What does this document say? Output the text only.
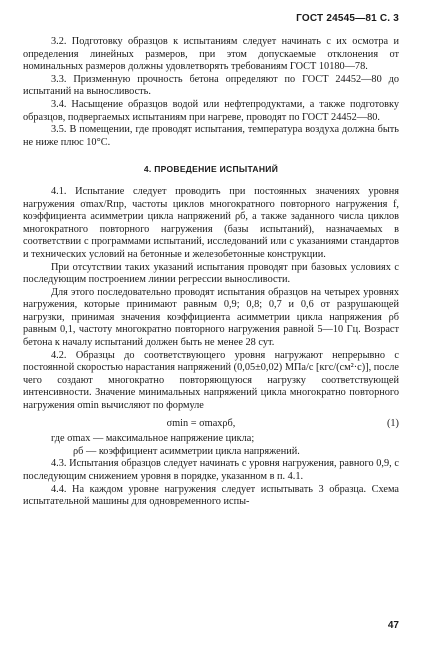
ГОСТ 24545—81 С. 3

3.2. Подготовку образцов к испытаниям следует начинать с их осмотра и определения линейных размеров, при этом допускаемые отклонения от номинальных размеров должны удовлетворять требованиям ГОСТ 10180—78.

3.3. Призменную прочность бетона определяют по ГОСТ 24452—80 до испытаний на выносливость.

3.4. Насыщение образцов водой или нефтепродуктами, а также подготовку образцов, подвергаемых испытаниям при нагреве, проводят по ГОСТ 24452—80.

3.5. В помещении, где проводят испытания, температура воздуха должна быть не ниже плюс 10°С.

4. ПРОВЕДЕНИЕ ИСПЫТАНИЙ

4.1. Испытание следует проводить при постоянных значениях уровня нагружения σmax/Rпр, частоты циклов многократного повторного нагружения f, коэффициента асимметрии цикла напряжений ρб, а также заданного числа циклов многократного повторного нагружения (базы испытаний), назначаемых в соответствии с программами испытаний, исследований или с указаниями стандартов и технических условий на бетонные и железобетонные конструкции.

При отсутствии таких указаний испытания проводят при базовых условиях с последующим построением линии регрессии выносливости.

Для этого последовательно проводят испытания образцов на четырех уровнях нагружения, которые принимают равным 0,9; 0,8; 0,7 и 0,6 от разрушающей нагрузки, принимая значения коэффициента асимметрии цикла напряжения ρб равным 0,1, частоту многократно повторного нагружения равной 5—10 Гц. Возраст бетона к началу испытаний должен быть не менее 28 сут.

4.2. Образцы до соответствующего уровня нагружают непрерывно с постоянной скоростью нарастания напряжений (0,05±0,02) МПа/с [кгс/(см²·с)], после чего создают многократно повторяющуюся нагрузку соответствующей интенсивности. Значение минимальных напряжений цикла многократно повторного нагружения σmin вычисляют по формуле

σmin = σmaxρб,	(1)

где σmax — максимальное напряжение цикла;

ρб — коэффициент асимметрии цикла напряжений.

4.3. Испытания образцов следует начинать с уровня нагружения, равного 0,9, с последующим снижением уровня в порядке, указанном в п. 4.1.

4.4. На каждом уровне нагружения следует испытывать 3 образца. Схема испытательной машины для одновременного испы-

47
